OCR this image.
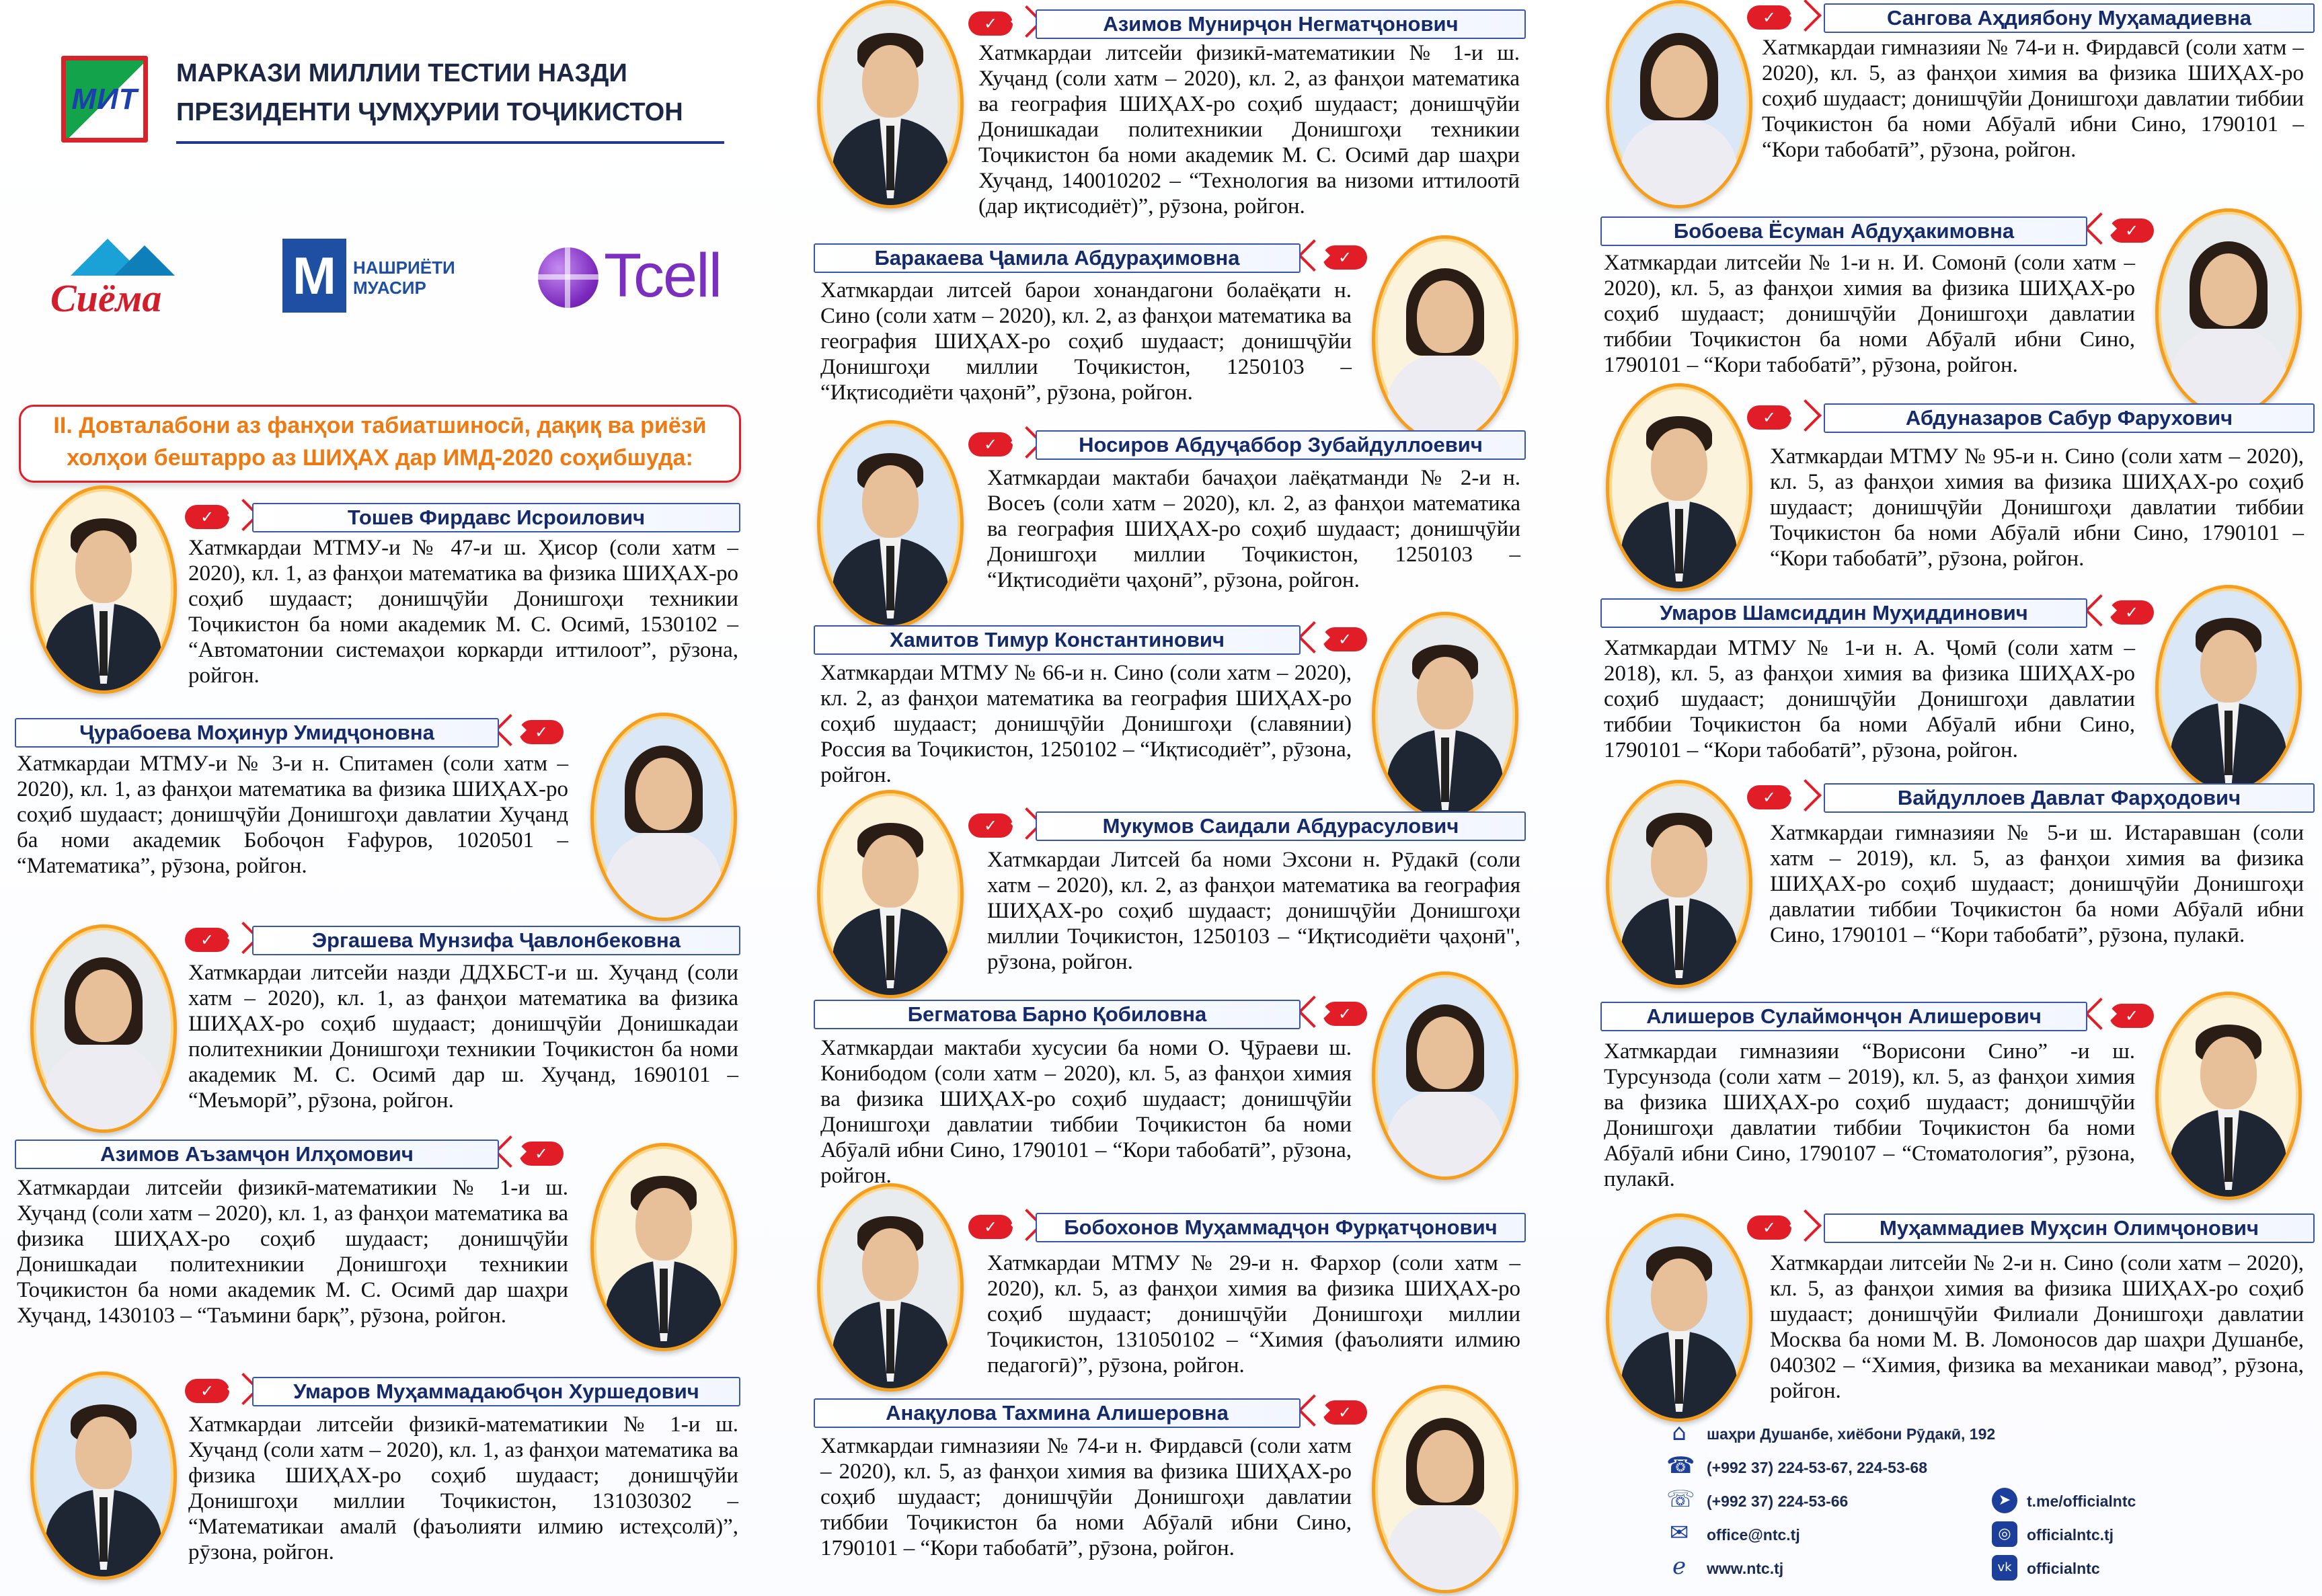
МИТ
МАРКАЗИ МИЛЛИИ ТЕСТИИ НАЗДИ
ПРЕЗИДЕНТИ ҶУМҲУРИИ ТОҶИКИСТОН
Сиёма M НАШРИЁТИ
МУАСИР	Tcell
II. Довталабони аз фанҳои табиатшиносӣ, дақиқ ва риёзӣ
холҳои бештарро аз ШИҲАХ дар ИМД-2020 соҳибшуда:
✓	Тошев Фирдавс Исроилович
Хатмкардаи МТМУ-и № 47-и ш. Ҳисор (соли хатм – 2020), кл. 1, аз фанҳои математика ва физика ШИҲАХ-ро соҳиб шудааст; донишҷӯйи Донишгоҳи техникии Тоҷикистон ба номи академик М. С. Осимӣ, 1530102 – “Автоматонии системаҳои коркарди иттилоот”, рӯзона, ройгон.
✓
Ҷурабоева Моҳинур Умидҷоновна
Хатмкардаи МТМУ-и № 3-и н. Спитамен (соли хатм – 2020), кл. 1, аз фанҳои математика ва физика ШИҲАХ-ро соҳиб шудааст; донишҷӯйи Донишгоҳи давлатии Хуҷанд ба номи академик Бобоҷон Ғафуров, 1020501 – “Математика”, рӯзона, ройгон.
✓	Эргашева Мунзифа Ҷавлонбековна
Хатмкардаи литсейи назди ДДХБСТ-и ш. Хуҷанд (соли хатм – 2020), кл. 1, аз фанҳои математика ва физика ШИҲАХ-ро соҳиб шудааст; донишҷӯйи Донишкадаи политехникии Донишгоҳи техникии Тоҷикистон ба номи академик М. С. Осимӣ дар ш. Хуҷанд, 1690101 – “Меъморӣ”, рӯзона, ройгон.
✓
Азимов Аъзамҷон Илҳомович
Хатмкардаи литсейи физикӣ-математикии № 1-и ш. Хуҷанд (соли хатм – 2020), кл. 1, аз фанҳои математика ва физика ШИҲАХ-ро соҳиб шудааст; донишҷӯйи Донишкадаи политехникии Донишгоҳи техникии Тоҷикистон ба номи академик М. С. Осимӣ дар шаҳри Хуҷанд, 1430103 – “Таъмини барқ”, рӯзона, ройгон.
✓	Умаров Муҳаммадаюбҷон Хуршедович
Хатмкардаи литсейи физикӣ-математикии № 1-и ш. Хуҷанд (соли хатм – 2020), кл. 1, аз фанҳои математика ва физика ШИҲАХ-ро соҳиб шудааст; донишҷӯйи Донишгоҳи миллии Тоҷикистон, 131030302 – “Математикаи амалӣ (фаъолияти илмию истеҳсолӣ)”, рӯзона, ройгон.
✓	Азимов Мунирҷон Негматҷонович
Хатмкардаи литсейи физикӣ-математикии № 1-и ш. Хуҷанд (соли хатм – 2020), кл. 2, аз фанҳои математика ва география ШИҲАХ-ро соҳиб шудааст; донишҷӯйи Донишкадаи политехникии Донишгоҳи техникии Тоҷикистон ба номи академик М. С. Осимӣ дар шаҳри Хуҷанд, 140010202 – “Технология ва низоми иттилоотӣ (дар иқтисодиёт)”, рӯзона, ройгон.
✓
Баракаева Ҷамила Абдураҳимовна
Хатмкардаи литсей барои хонандагони болаёқати н. Сино (соли хатм – 2020), кл. 2, аз фанҳои математика ва география ШИҲАХ-ро соҳиб шудааст; донишҷӯйи Донишгоҳи миллии Тоҷикистон, 1250103 – “Иқтисодиёти ҷаҳонӣ”, рӯзона, ройгон.
✓	Носиров Абдуҷаббор Зубайдуллоевич
Хатмкардаи мактаби бачаҳои лаёқатманди № 2-и н. Восеъ (соли хатм – 2020), кл. 2, аз фанҳои математика ва география ШИҲАХ-ро соҳиб шудааст; донишҷӯйи Донишгоҳи миллии Тоҷикистон, 1250103 – “Иқтисодиёти ҷаҳонӣ”, рӯзона, ройгон.
✓
Хамитов Тимур Константинович
Хатмкардаи МТМУ № 66-и н. Сино (соли хатм – 2020), кл. 2, аз фанҳои математика ва география ШИҲАХ-ро соҳиб шудааст; донишҷӯйи Донишгоҳи (славянии) Россия ва Тоҷикистон, 1250102 – “Иқтисодиёт”, рӯзона, ройгон.
✓	Мукумов Саидали Абдурасулович
Хатмкардаи Литсей ба номи Эхсони н. Рӯдакӣ (соли хатм – 2020), кл. 2, аз фанҳои математика ва география ШИҲАХ-ро соҳиб шудааст; донишҷӯйи Донишгоҳи миллии Тоҷикистон, 1250103 – “Иқтисодиёти ҷаҳонӣ", рӯзона, ройгон.
✓
Бегматова Барно Қобиловна
Хатмкардаи мактаби хусусии ба номи О. Ҷӯраеви ш. Конибодом (соли хатм – 2020), кл. 5, аз фанҳои химия ва физика ШИҲАХ-ро соҳиб шудааст; донишҷӯйи Донишгоҳи давлатии тиббии Тоҷикистон ба номи Абӯалӣ ибни Сино, 1790101 – “Кори табобатӣ”, рӯзона, ройгон.
✓	Бобохонов Муҳаммадҷон Фурқатҷонович
Хатмкардаи МТМУ № 29-и н. Фархор (соли хатм – 2020), кл. 5, аз фанҳои химия ва физика ШИҲАХ-ро соҳиб шудааст; донишҷӯйи Донишгоҳи миллии Тоҷикистон, 131050102 – “Химия (фаъолияти илмию педагогӣ)”, рӯзона, ройгон.
✓
Анақулова Тахмина Алишеровна
Хатмкардаи гимназияи № 74-и н. Фирдавсӣ (соли хатм – 2020), кл. 5, аз фанҳои химия ва физика ШИҲАХ-ро соҳиб шудааст; донишҷӯйи Донишгоҳи давлатии тиббии Тоҷикистон ба номи Абӯалӣ ибни Сино, 1790101 – “Кори табобатӣ”, рӯзона, ройгон.
✓	Сангова Аҳдиябону Муҳамадиевна
Хатмкардаи гимназияи № 74-и н. Фирдавсӣ (соли хатм – 2020), кл. 5, аз фанҳои химия ва физика ШИҲАХ-ро соҳиб шудааст; донишҷӯйи Донишгоҳи давлатии тиббии Тоҷикистон ба номи Абӯалӣ ибни Сино, 1790101 – “Кори табобатӣ”, рӯзона, ройгон.
✓
Бобоева Ёсуман Абдуҳакимовна
Хатмкардаи литсейи № 1-и н. И. Сомонӣ (соли хатм – 2020), кл. 5, аз фанҳои химия ва физика ШИҲАХ-ро соҳиб шудааст; донишҷӯйи Донишгоҳи давлатии тиббии Тоҷикистон ба номи Абӯалӣ ибни Сино, 1790101 – “Кори табобатӣ”, рӯзона, ройгон.
✓	Абдуназаров Сабур Фарухович
Хатмкардаи МТМУ № 95-и н. Сино (соли хатм – 2020), кл. 5, аз фанҳои химия ва физика ШИҲАХ-ро соҳиб шудааст; донишҷӯйи Донишгоҳи давлатии тиббии Тоҷикистон ба номи Абӯалӣ ибни Сино, 1790101 – “Кори табобатӣ”, рӯзона, ройгон.
✓
Умаров Шамсиддин Муҳиддинович
Хатмкардаи МТМУ № 1-и н. А. Ҷомӣ (соли хатм – 2018), кл. 5, аз фанҳои химия ва физика ШИҲАХ-ро соҳиб шудааст; донишҷӯйи Донишгоҳи давлатии тиббии Тоҷикистон ба номи Абӯалӣ ибни Сино, 1790101 – “Кори табобатӣ”, рӯзона, ройгон.
✓	Вайдуллоев Давлат Фарҳодович
Хатмкардаи гимназияи № 5-и ш. Истаравшан (соли хатм – 2019), кл. 5, аз фанҳои химия ва физика ШИҲАХ-ро соҳиб шудааст; донишҷӯйи Донишгоҳи давлатии тиббии Тоҷикистон ба номи Абӯалӣ ибни Сино, 1790101 – “Кори табобатӣ”, рӯзона, пулакӣ.
✓
Алишеров Сулаймонҷон Алишерович
Хатмкардаи гимназияи “Ворисони Сино” -и ш. Турсунзода (соли хатм – 2019), кл. 5, аз фанҳои химия ва физика ШИҲАХ-ро соҳиб шудааст; донишҷӯйи Донишгоҳи давлатии тиббии Тоҷикистон ба номи Абӯалӣ ибни Сино, 1790107 – “Стоматология”, рӯзона, пулакӣ.
✓	Муҳаммадиев Муҳсин Олимҷонович
Хатмкардаи литсейи № 2-и н. Сино (соли хатм – 2020), кл. 5, аз фанҳои химия ва физика ШИҲАХ-ро соҳиб шудааст; донишҷӯйи Филиали Донишгоҳи давлатии Москва ба номи М. В. Ломоносов дар шаҳри Душанбе, 040302 – “Химия, физика ва механикаи мавод”, рӯзона, ройгон.
⌂	шаҳри Душанбе, хиёбони Рӯдакӣ, 192
☎ (+992 37) 224-53-67, 224-53-68
☏ (+992 37) 224-53-66
✉ office@ntc.tj
ℯ	www.ntc.tj
➤	t.me/officialntc
◎	officialntc.tj
vk officialntc
